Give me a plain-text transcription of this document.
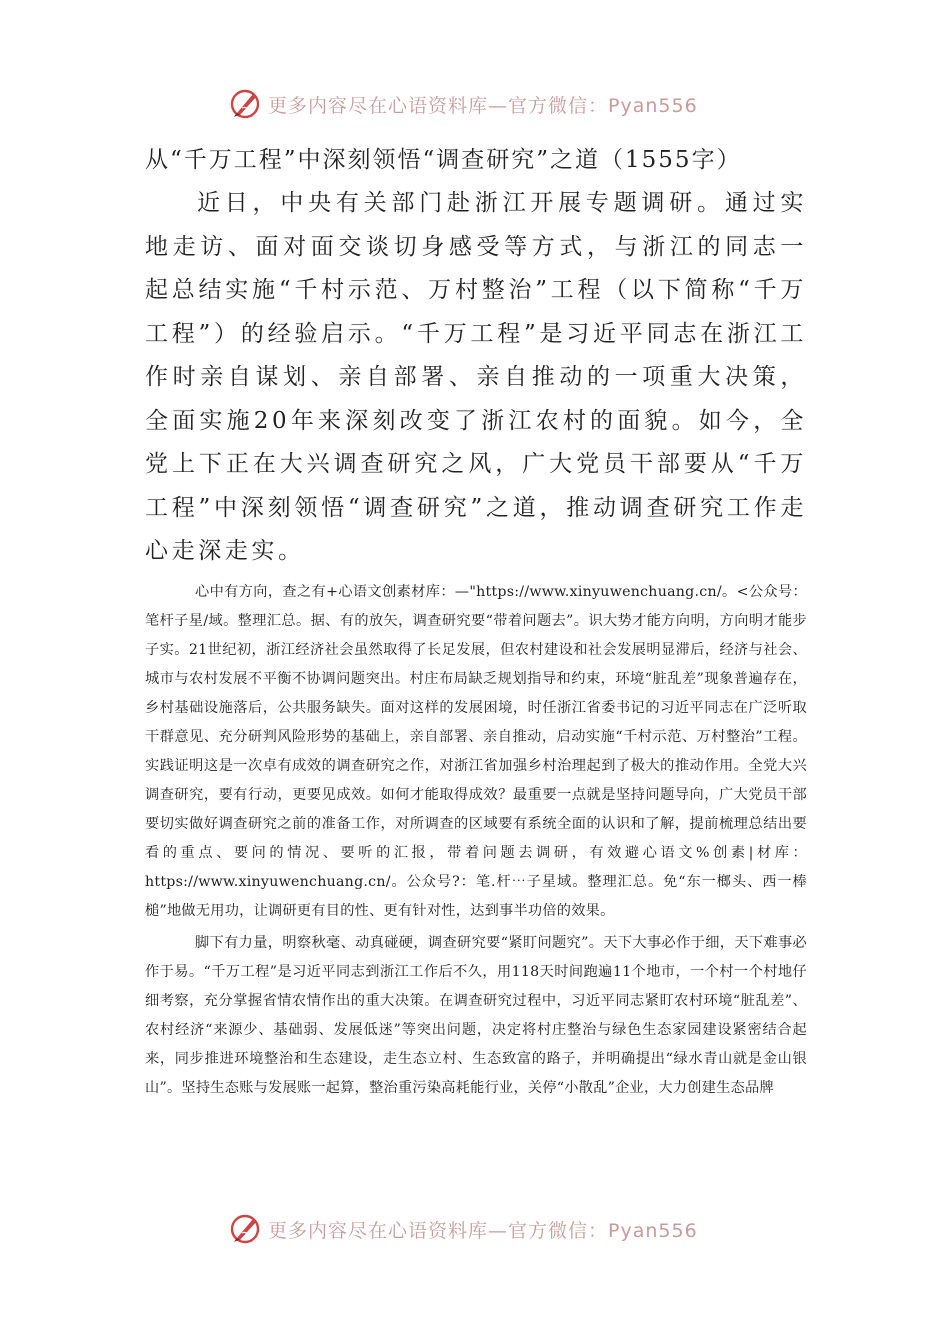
更多内容尽在心语资料库—官方微信：Pyan556

从“千万工程”中深刻领悟“调查研究”之道（1555字）

近日，中央有关部门赴浙江开展专题调研。通过实地走访、面对面交谈切身感受等方式，与浙江的同志一起总结实施“千村示范、万村整治”工程（以下简称“千万工程”）的经验启示。“千万工程”是习近平同志在浙江工作时亲自谋划、亲自部署、亲自推动的一项重大决策，全面实施20年来深刻改变了浙江农村的面貌。如今，全党上下正在大兴调查研究之风，广大党员干部要从“千万工程”中深刻领悟“调查研究”之道，推动调查研究工作走心走深走实。

心中有方向，查之有+心语文创素材库：—"https://www.xinyuwenchuang.cn/。<公众号：笔杆子星/域。整理汇总。据、有的放矢，调查研究要“带着问题去”。识大势才能方向明，方向明才能步子实。21世纪初，浙江经济社会虽然取得了长足发展，但农村建设和社会发展明显滞后，经济与社会、城市与农村发展不平衡不协调问题突出。村庄布局缺乏规划指导和约束，环境“脏乱差”现象普遍存在，乡村基础设施落后，公共服务缺失。面对这样的发展困境，时任浙江省委书记的习近平同志在广泛听取干群意见、充分研判风险形势的基础上，亲自部署、亲自推动，启动实施“千村示范、万村整治”工程。实践证明这是一次卓有成效的调查研究之作，对浙江省加强乡村治理起到了极大的推动作用。全党大兴调查研究，要有行动，更要见成效。如何才能取得成效？最重要一点就是坚持问题导向，广大党员干部要切实做好调查研究之前的准备工作，对所调查的区域要有系统全面的认识和了解，提前梳理总结出要看的重点、要问的情况、要听的汇报，带着问题去调研，有效避心语文%创素|材库：https://www.xinyuwenchuang.cn/。公众号?：笔.杆⋯子星域。整理汇总。免“东一榔头、西一棒槌”地做无用功，让调研更有目的性、更有针对性，达到事半功倍的效果。

脚下有力量，明察秋毫、动真碰硬，调查研究要“紧盯问题究”。天下大事必作于细，天下难事必作于易。“千万工程”是习近平同志到浙江工作后不久，用118天时间跑遍11个地市，一个村一个村地仔细考察，充分掌握省情农情作出的重大决策。在调查研究过程中，习近平同志紧盯农村环境“脏乱差”、农村经济“来源少、基础弱、发展低迷”等突出问题，决定将村庄整治与绿色生态家园建设紧密结合起来，同步推进环境整治和生态建设，走生态立村、生态致富的路子，并明确提出“绿水青山就是金山银山”。坚持生态账与发展账一起算，整治重污染高耗能行业，关停“小散乱”企业，大力创建生态品牌

更多内容尽在心语资料库—官方微信：Pyan556
